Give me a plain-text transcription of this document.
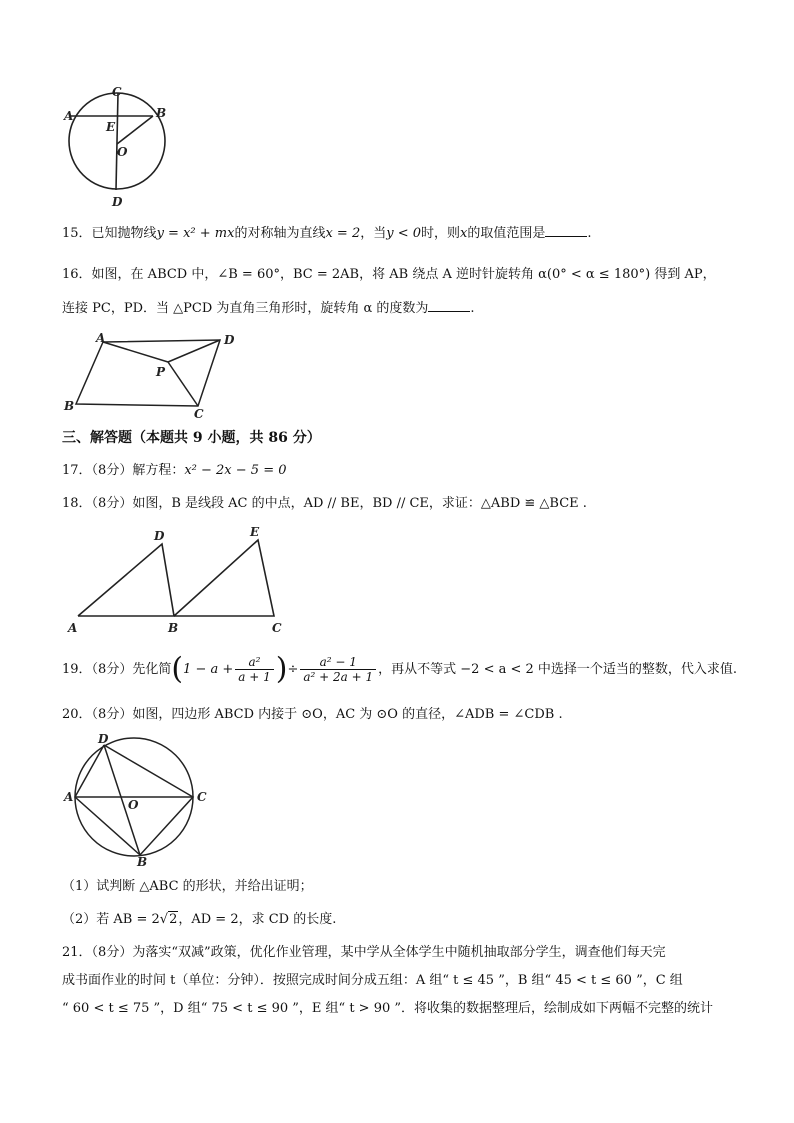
C
A	B
E
O
D
15．已知抛物线y = x² + mx的对称轴为直线x = 2，当y < 0时，则x的取值范围是	.
16．如图，在 ABCD 中，∠B = 60°，BC = 2AB，将 AB 绕点 A 逆时针旋转角 α(0° < α ≤ 180°) 得到 AP，
连接 PC，PD．当 △PCD 为直角三角形时，旋转角 α 的度数为	.
A	D
P
B
C
三、解答题（本题共 9 小题，共 86 分）
17．（8分）解方程：x² − 2x − 5 = 0
18．（8分）如图，B 是线段 AC 的中点，AD // BE，BD // CE，求证：△ABD ≌ △BCE .
D	E
A	B	C
19．（8分）先化简($1 - a + \frac{\text{a²}}{a + 1}$ )÷ $\frac{\text{a² − 1}}{\text{a² + 2a + 1}}$ ，再从不等式 −2 < a < 2 中选择一个适当的整数，代入求值.
20．（8分）如图，四边形 ABCD 内接于 ⊙O，AC 为 ⊙O 的直径，∠ADB = ∠CDB .
D
A
O
C
B
（1）试判断 △ABC 的形状，并给出证明；
（2）若 AB = 2√2，AD = 2，求 CD 的长度.
21．（8分）为落实“双减”政策，优化作业管理，某中学从全体学生中随机抽取部分学生，调查他们每天完
成书面作业的时间 t（单位：分钟）．按照完成时间分成五组：A 组“ t ≤ 45 ”，B 组“ 45 < t ≤ 60 ”，C 组
“ 60 < t ≤ 75 ”，D 组“ 75 < t ≤ 90 ”，E 组“ t > 90 ”．将收集的数据整理后，绘制成如下两幅不完整的统计
